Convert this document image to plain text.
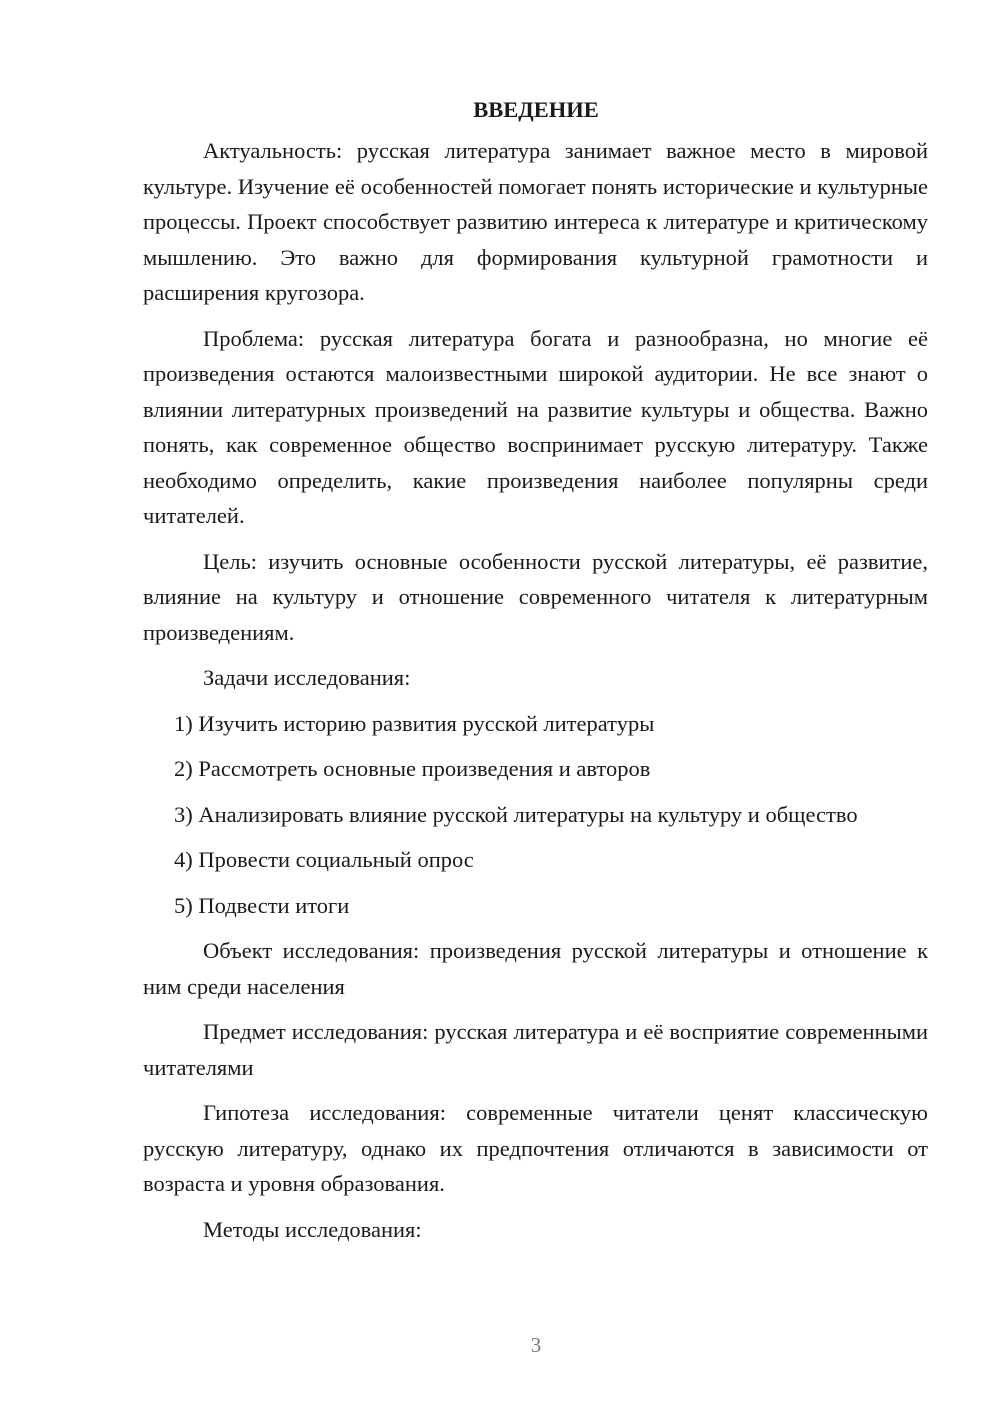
ВВЕДЕНИЕ

Актуальность: русская литература занимает важное место в мировой культуре. Изучение её особенностей помогает понять исторические и культурные процессы. Проект способствует развитию интереса к литературе и критическому мышлению. Это важно для формирования культурной грамотности и расширения кругозора.

Проблема: русская литература богата и разнообразна, но многие её произведения остаются малоизвестными широкой аудитории. Не все знают о влиянии литературных произведений на развитие культуры и общества. Важно понять, как современное общество воспринимает русскую литературу. Также необходимо определить, какие произведения наиболее популярны среди читателей.

Цель: изучить основные особенности русской литературы, её развитие, влияние на культуру и отношение современного читателя к литературным произведениям.

Задачи исследования:

1) Изучить историю развития русской литературы

2) Рассмотреть основные произведения и авторов

3) Анализировать влияние русской литературы на культуру и общество

4) Провести социальный опрос

5) Подвести итоги

Объект исследования: произведения русской литературы и отношение к ним среди населения

Предмет исследования: русская литература и её восприятие современными читателями

Гипотеза исследования: современные читатели ценят классическую русскую литературу, однако их предпочтения отличаются в зависимости от возраста и уровня образования.

Методы исследования:

3
